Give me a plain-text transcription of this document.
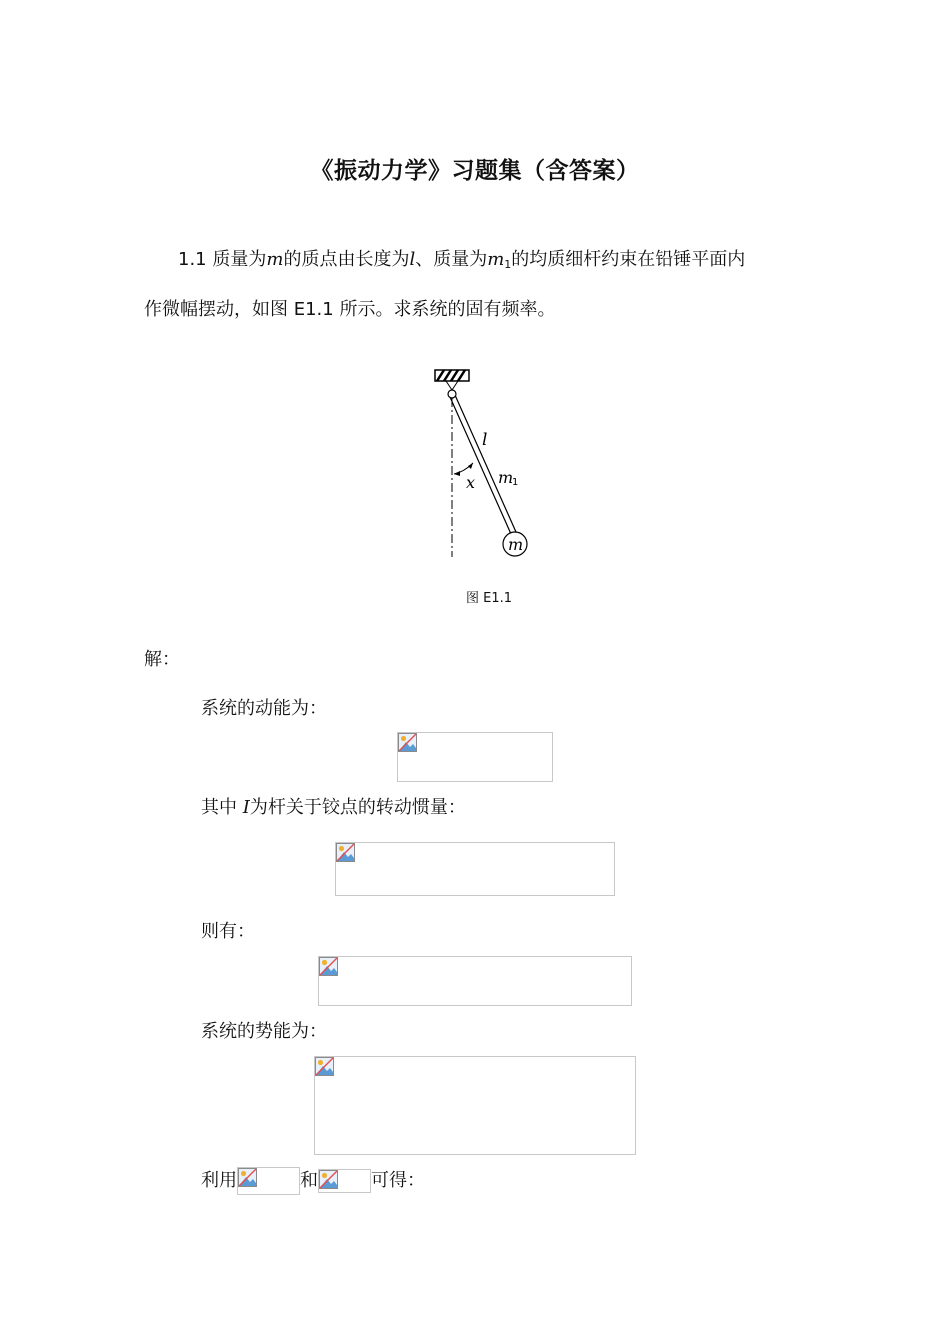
《振动力学》习题集（含答案）
1.1 质量为m的质点由长度为l、质量为$m_1$的均质细杆约束在铅锤平面内
作微幅摆动，如图 E1.1 所示。求系统的固有频率。
l
m
1
x
m
图 E1.1
解：
系统的动能为：
其中 I为杆关于铰点的转动惯量：
则有：
系统的势能为：
利用	和	可得：
